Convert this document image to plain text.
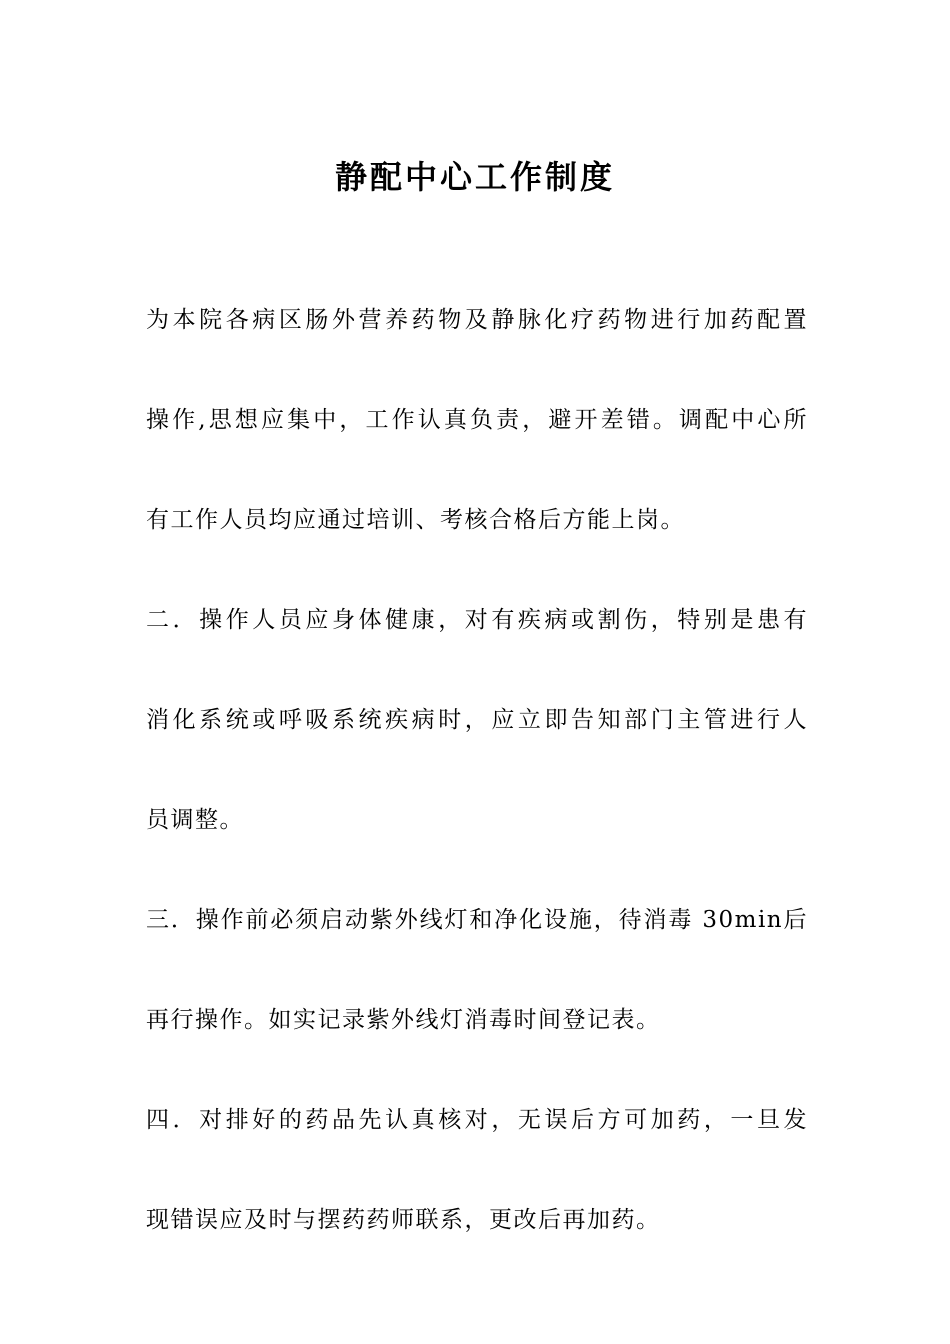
静配中心工作制度
为本院各病区肠外营养药物及静脉化疗药物进行加药配置
操作,思想应集中，工作认真负责，避开差错。调配中心所
有工作人员均应通过培训、考核合格后方能上岗。
二．操作人员应身体健康，对有疾病或割伤，特别是患有
消化系统或呼吸系统疾病时，应立即告知部门主管进行人
员调整。
三．操作前必须启动紫外线灯和净化设施，待消毒 30min后
再行操作。如实记录紫外线灯消毒时间登记表。
四．对排好的药品先认真核对，无误后方可加药，一旦发
现错误应及时与摆药药师联系，更改后再加药。
